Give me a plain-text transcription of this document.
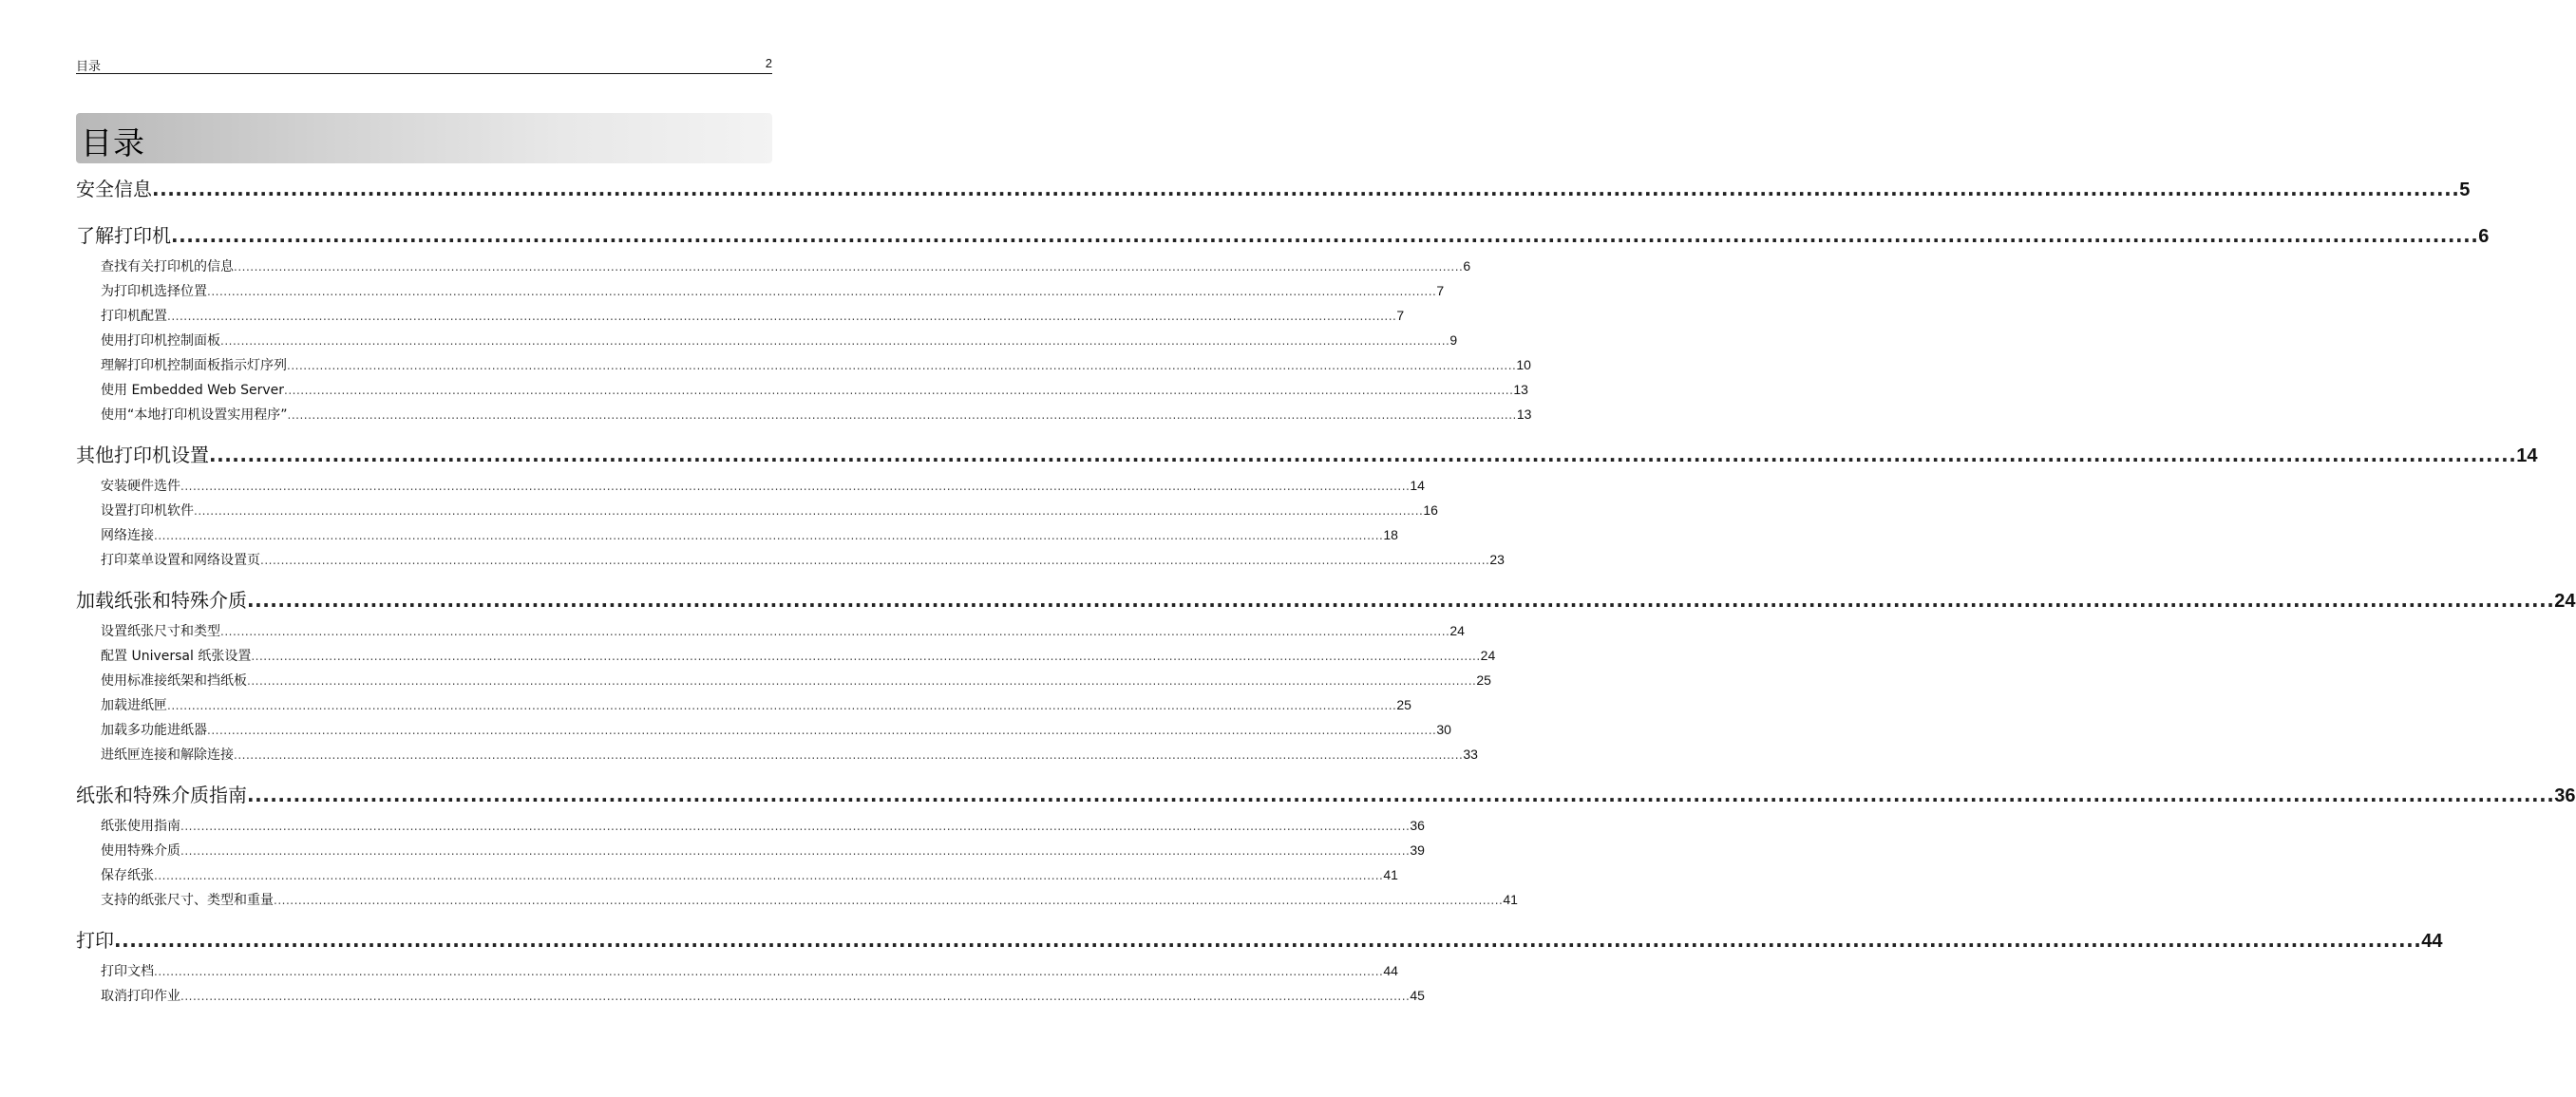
目录	2
目录
安全信息 ............................................................................................................................................................................................................................................................................................................ 5
了解打印机 ............................................................................................................................................................................................................................................................................................................ 6
查找有关打印机的信息 ............................................................................................................................................................................................................................................................................................................ 6
为打印机选择位置 ............................................................................................................................................................................................................................................................................................................ 7
打印机配置 ............................................................................................................................................................................................................................................................................................................ 7
使用打印机控制面板 ............................................................................................................................................................................................................................................................................................................ 9
理解打印机控制面板指示灯序列 ............................................................................................................................................................................................................................................................................................................ 10
使用 Embedded Web Server ............................................................................................................................................................................................................................................................................................................ 13
使用“本地打印机设置实用程序” ............................................................................................................................................................................................................................................................................................................ 13
其他打印机设置 ............................................................................................................................................................................................................................................................................................................ 14
安装硬件选件 ............................................................................................................................................................................................................................................................................................................ 14
设置打印机软件 ............................................................................................................................................................................................................................................................................................................ 16
网络连接 ............................................................................................................................................................................................................................................................................................................ 18
打印菜单设置和网络设置页 ............................................................................................................................................................................................................................................................................................................ 23
加载纸张和特殊介质 ............................................................................................................................................................................................................................................................................................................ 24
设置纸张尺寸和类型 ............................................................................................................................................................................................................................................................................................................ 24
配置 Universal 纸张设置 ............................................................................................................................................................................................................................................................................................................ 24
使用标准接纸架和挡纸板 ............................................................................................................................................................................................................................................................................................................ 25
加载进纸匣 ............................................................................................................................................................................................................................................................................................................ 25
加载多功能进纸器 ............................................................................................................................................................................................................................................................................................................ 30
进纸匣连接和解除连接 ............................................................................................................................................................................................................................................................................................................ 33
纸张和特殊介质指南 ............................................................................................................................................................................................................................................................................................................ 36
纸张使用指南 ............................................................................................................................................................................................................................................................................................................ 36
使用特殊介质 ............................................................................................................................................................................................................................................................................................................ 39
保存纸张 ............................................................................................................................................................................................................................................................................................................ 41
支持的纸张尺寸、类型和重量 ............................................................................................................................................................................................................................................................................................................ 41
打印 ............................................................................................................................................................................................................................................................................................................ 44
打印文档 ............................................................................................................................................................................................................................................................................................................ 44
取消打印作业 ............................................................................................................................................................................................................................................................................................................ 45
